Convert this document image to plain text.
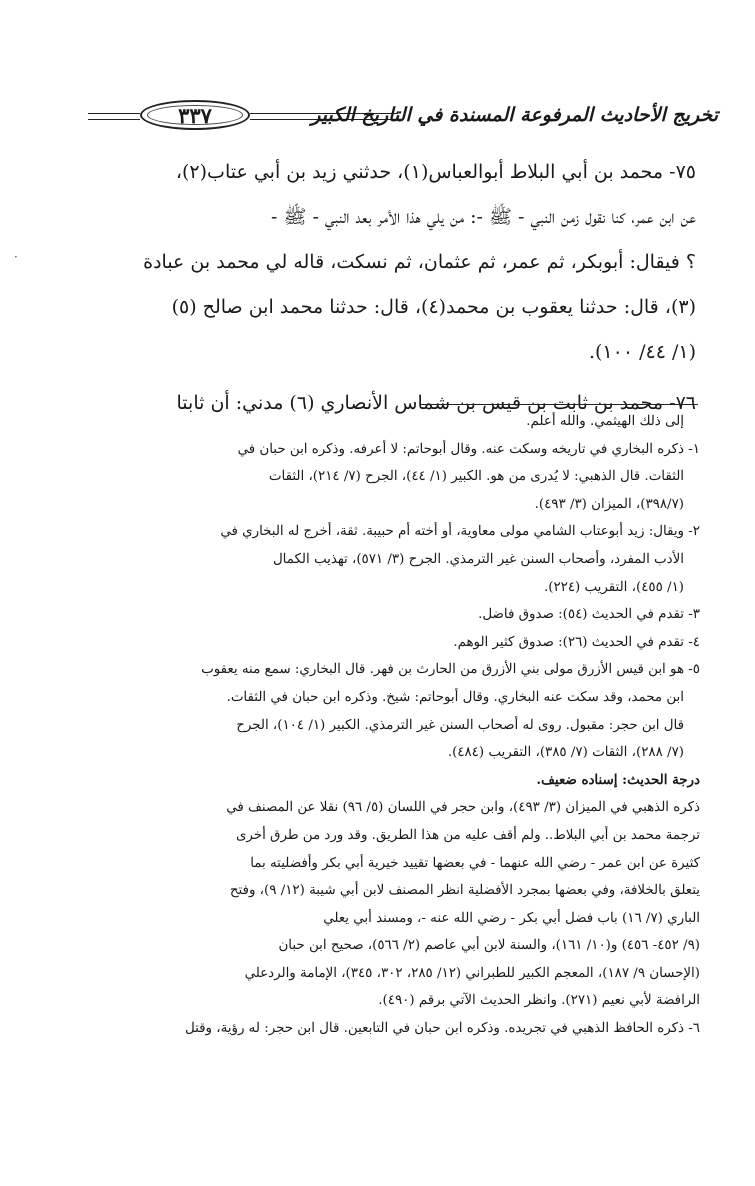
٣٣٧	تخريج الأحاديث المرفوعة المسندة في التاريخ الكبير
٧٥- محمد بن أبي البلاط أبوالعباس(١)، حدثني زيد بن أبي عتاب(٢)،
عن ابن عمر، كنا نقول زمن النبي - ﷺ -: من يلي هذا الأمر بعد النبي - ﷺ -
؟ فيقال: أبوبكر، ثم عمر، ثم عثمان، ثم نسكت، قاله لي محمد بن عبادة
(٣)، قال: حدثنا يعقوب بن محمد(٤)، قال: حدثنا محمد ابن صالح (٥)
(١/ ٤٤/ ١٠٠).
٧٦- محمد بن ثابت بن قيس بن شماس الأنصاري (٦) مدني: أن ثابتا
إلى ذلك الهيثمي. والله أعلم.
١- ذكره البخاري في تاريخه وسكت عنه. وقال أبوحاتم: لا أعرفه. وذكره ابن حبان في
الثقات. قال الذهبي: لا يُدرى من هو. الكبير (١/ ٤٤)، الجرح (٧/ ٢١٤)، الثقات
(٣٩٨/٧)، الميزان (٣/ ٤٩٣).
٢- ويقال: زيد أبوعتاب الشامي مولى معاوية، أو أخته أم حبيبة. ثقة، أخرج له البخاري في
الأدب المفرد، وأصحاب السنن غير الترمذي. الجرح (٣/ ٥٧١)، تهذيب الكمال
(١/ ٤٥٥)، التقريب (٢٢٤).
٣- تقدم في الحديث (٥٤): صدوق فاضل.
٤- تقدم في الحديث (٢٦): صدوق كثير الوهم.
٥- هو ابن قيس الأزرق مولى بني الأزرق من الحارث بن فهر. قال البخاري: سمع منه يعقوب
ابن محمد، وقد سكت عنه البخاري. وقال أبوحاتم: شيخ. وذكره ابن حبان في الثقات.
قال ابن حجر: مقبول. روى له أصحاب السنن غير الترمذي. الكبير (١/ ١٠٤)، الجرح
(٧/ ٢٨٨)، الثقات (٧/ ٣٨٥)، التقريب (٤٨٤).
درجة الحديث: إسناده ضعيف.
ذكره الذهبي في الميزان (٣/ ٤٩٣)، وابن حجر في اللسان (٥/ ٩٦) نقلا عن المصنف في
ترجمة محمد بن أبي البلاط.. ولم أقف عليه من هذا الطريق. وقد ورد من طرق أخرى
كثيرة عن ابن عمر - رضي الله عنهما - في بعضها تقييد خيرية أبي بكر وأفضليته بما
يتعلق بالخلافة، وفي بعضها بمجرد الأفضلية انظر المصنف لابن أبي شيبة (١٢/ ٩)، وفتح
الباري (٧/ ١٦) باب فضل أبي بكر - رضي الله عنه -، ومسند أبي يعلي
(٩/ ٤٥٢- ٤٥٦) و(١٠/ ١٦١)، والسنة لابن أبي عاصم (٢/ ٥٦٦)، صحيح ابن حبان
(الإحسان ٩/ ١٨٧)، المعجم الكبير للطبراني (١٢/ ٢٨٥، ٣٠٢، ٣٤٥)، الإمامة والردعلي
الرافضة لأبي نعيم (٢٧١). وانظر الحديث الآتي برقم (٤٩٠).
٦- ذكره الحافظ الذهبي في تجريده. وذكره ابن حبان في التابعين. قال ابن حجر: له رؤية، وقتل
·
